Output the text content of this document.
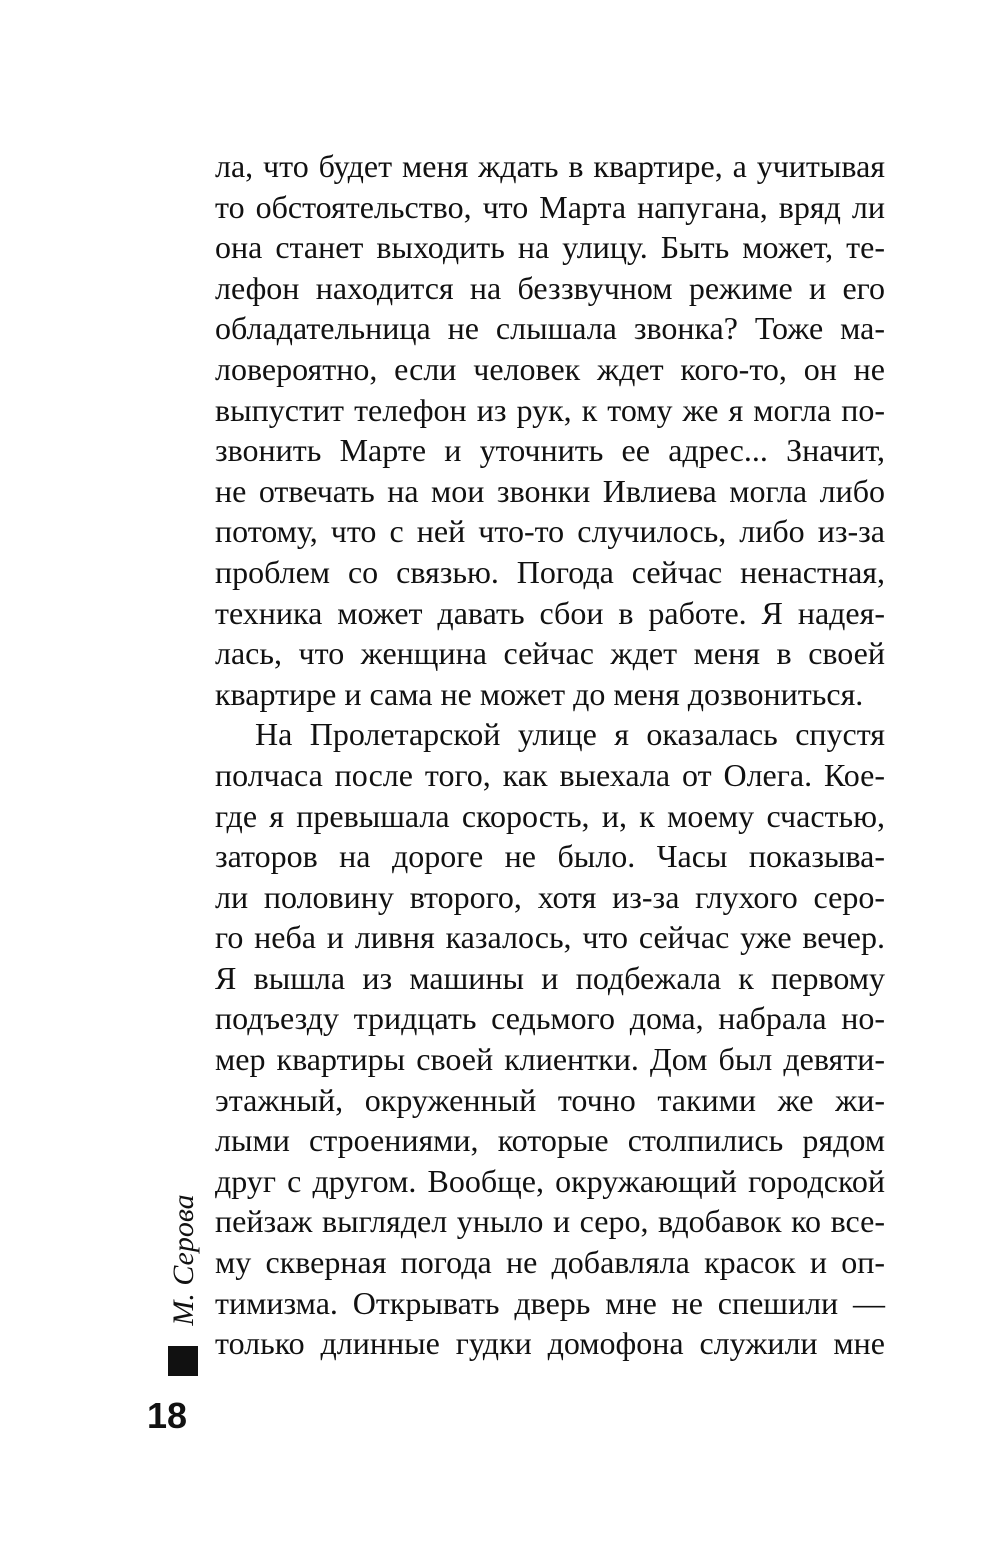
ла, что будет меня ждать в квартире, а учитывая
то обстоятельство, что Марта напугана, вряд ли
она станет выходить на улицу. Быть может, те-
лефон находится на беззвучном режиме и его
обладательница не слышала звонка? Тоже ма-
ловероятно, если человек ждет кого-то, он не
выпустит телефон из рук, к тому же я могла по-
звонить Марте и уточнить ее адрес... Значит,
не отвечать на мои звонки Ивлиева могла либо
потому, что с ней что-то случилось, либо из-за
проблем со связью. Погода сейчас ненастная,
техника может давать сбои в работе. Я надея-
лась, что женщина сейчас ждет меня в своей
квартире и сама не может до меня дозвониться.
На Пролетарской улице я оказалась спустя
полчаса после того, как выехала от Олега. Кое-
где я превышала скорость, и, к моему счастью,
заторов на дороге не было. Часы показыва-
ли половину второго, хотя из-за глухого серо-
го неба и ливня казалось, что сейчас уже вечер.
Я вышла из машины и подбежала к первому
подъезду тридцать седьмого дома, набрала но-
мер квартиры своей клиентки. Дом был девяти-
этажный, окруженный точно такими же жи-
лыми строениями, которые столпились рядом
друг с другом. Вообще, окружающий городской
пейзаж выглядел уныло и серо, вдобавок ко все-
му скверная погода не добавляла красок и оп-
тимизма. Открывать дверь мне не спешили —
только длинные гудки домофона служили мне
М. Серова
18
